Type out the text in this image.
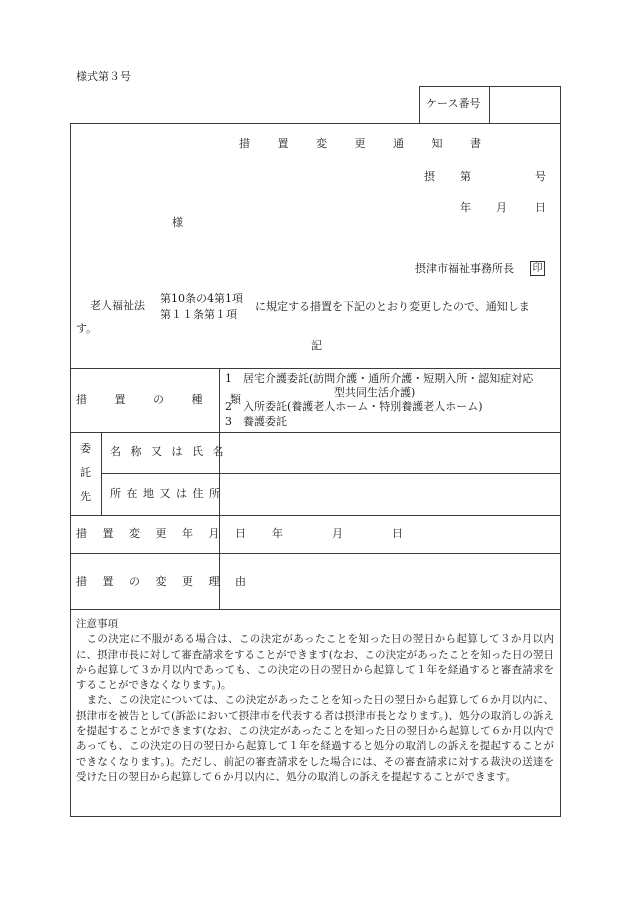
様式第３号
ケース番号
措 置 変 更 通 知 書
摂 第	号
年 月	日
様
摂津市福祉事務所長 印
老人福祉法
第10条の4第1項
第１１条第１項
に規定する措置を下記のとおり変更したので、通知しま
す。
記
措 置 の 種 類
1　居宅介護委託(訪問介護・通所介護・短期入所・認知症対応
型共同生活介護)
2　入所委託(養護老人ホーム・特別養護老人ホーム)
3　養護委託
委
託
先
名 称 又 は 氏 名
所 在 地 又 は 住 所
措 置 変 更 年 月 日 年	月	日
措 置 の 変 更 理 由

注意事項

この決定に不服がある場合は、この決定があったことを知った日の翌日から起算して３か月以内に、摂津市長に対して審査請求をすることができます(なお、この決定があったことを知った日の翌日から起算して３か月以内であっても、この決定の日の翌日から起算して１年を経過すると審査請求をすることができなくなります。)。

また、この決定については、この決定があったことを知った日の翌日から起算して６か月以内に、摂津市を被告として(訴訟において摂津市を代表する者は摂津市長となります。)、処分の取消しの訴えを提起することができます(なお、この決定があったことを知った日の翌日から起算して６か月以内であっても、この決定の日の翌日から起算して１年を経過すると処分の取消しの訴えを提起することができなくなります。)。ただし、前記の審査請求をした場合には、その審査請求に対する裁決の送達を受けた日の翌日から起算して６か月以内に、処分の取消しの訴えを提起することができます。
